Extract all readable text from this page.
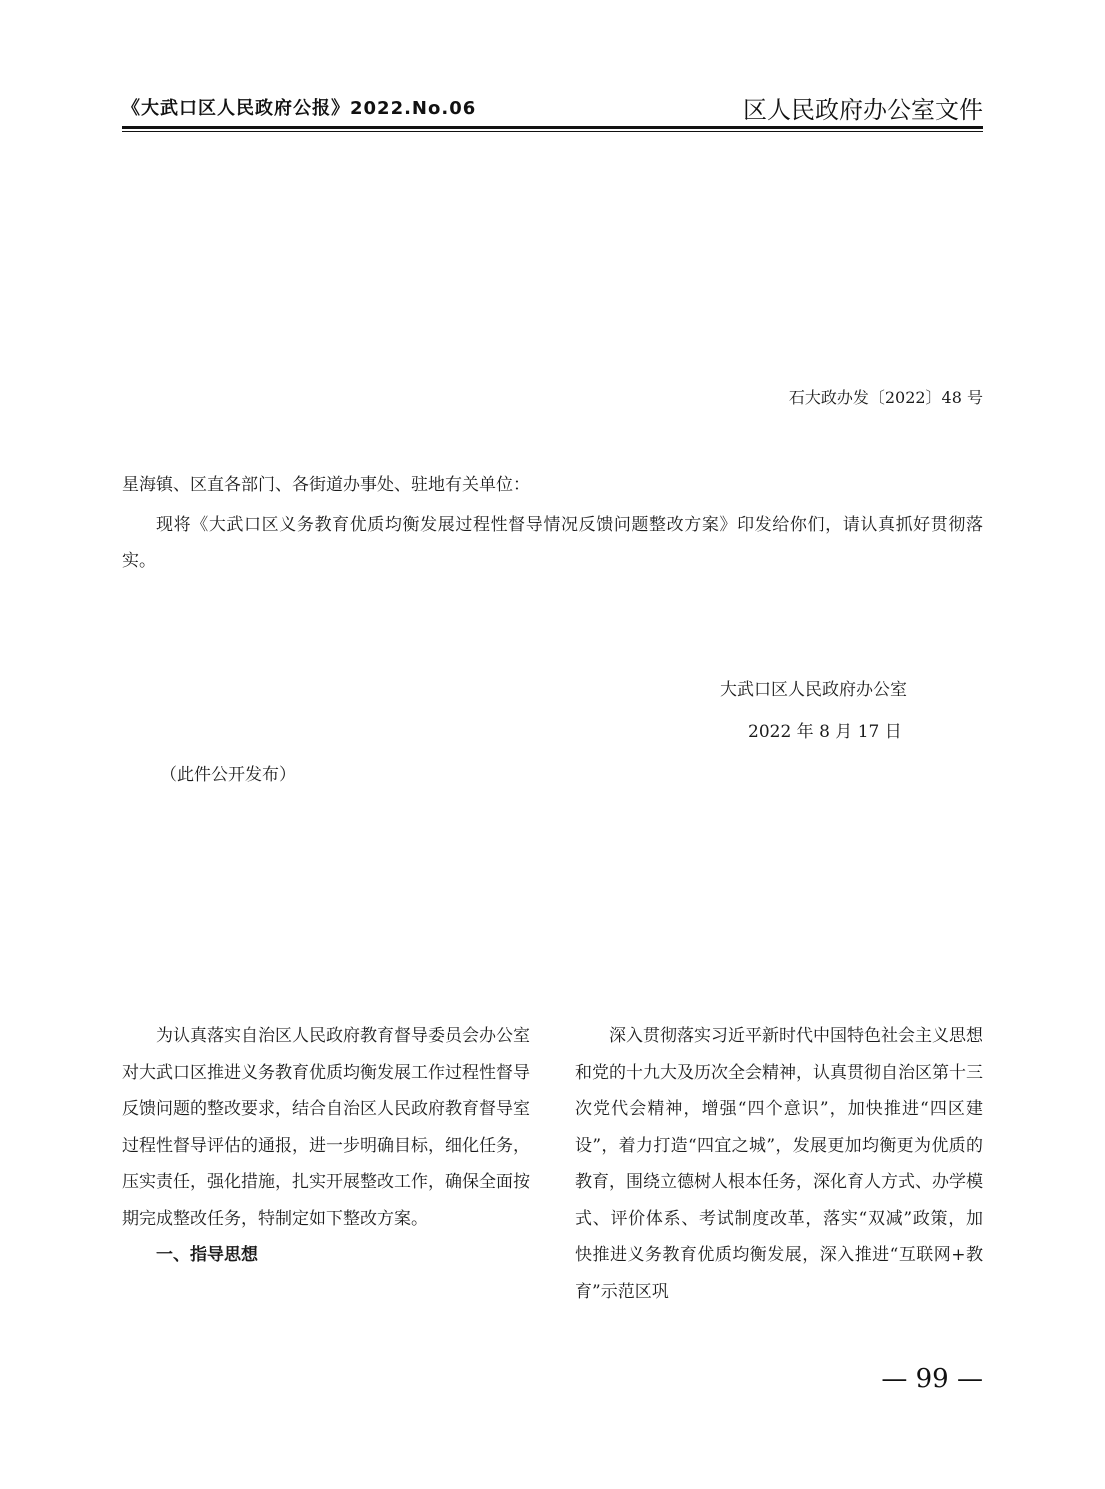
《大武口区人民政府公报》2022.No.06	区人民政府办公室文件
石大政办发〔2022〕48 号
星海镇、区直各部门、各街道办事处、驻地有关单位：

现将《大武口区义务教育优质均衡发展过程性督导情况反馈问题整改方案》印发给你们，请认真抓好贯彻落实。

大武口区人民政府办公室
2022 年 8 月 17 日
（此件公开发布）

为认真落实自治区人民政府教育督导委员会办公室对大武口区推进义务教育优质均衡发展工作过程性督导反馈问题的整改要求，结合自治区人民政府教育督导室过程性督导评估的通报，进一步明确目标，细化任务，压实责任，强化措施，扎实开展整改工作，确保全面按期完成整改任务，特制定如下整改方案。

一、指导思想

深入贯彻落实习近平新时代中国特色社会主义思想和党的十九大及历次全会精神，认真贯彻自治区第十三次党代会精神，增强“四个意识”，加快推进“四区建设”，着力打造“四宜之城”，发展更加均衡更为优质的教育，围绕立德树人根本任务，深化育人方式、办学模式、评价体系、考试制度改革，落实“双减”政策，加快推进义务教育优质均衡发展，深入推进“互联网+教育”示范区巩

— 99 —
